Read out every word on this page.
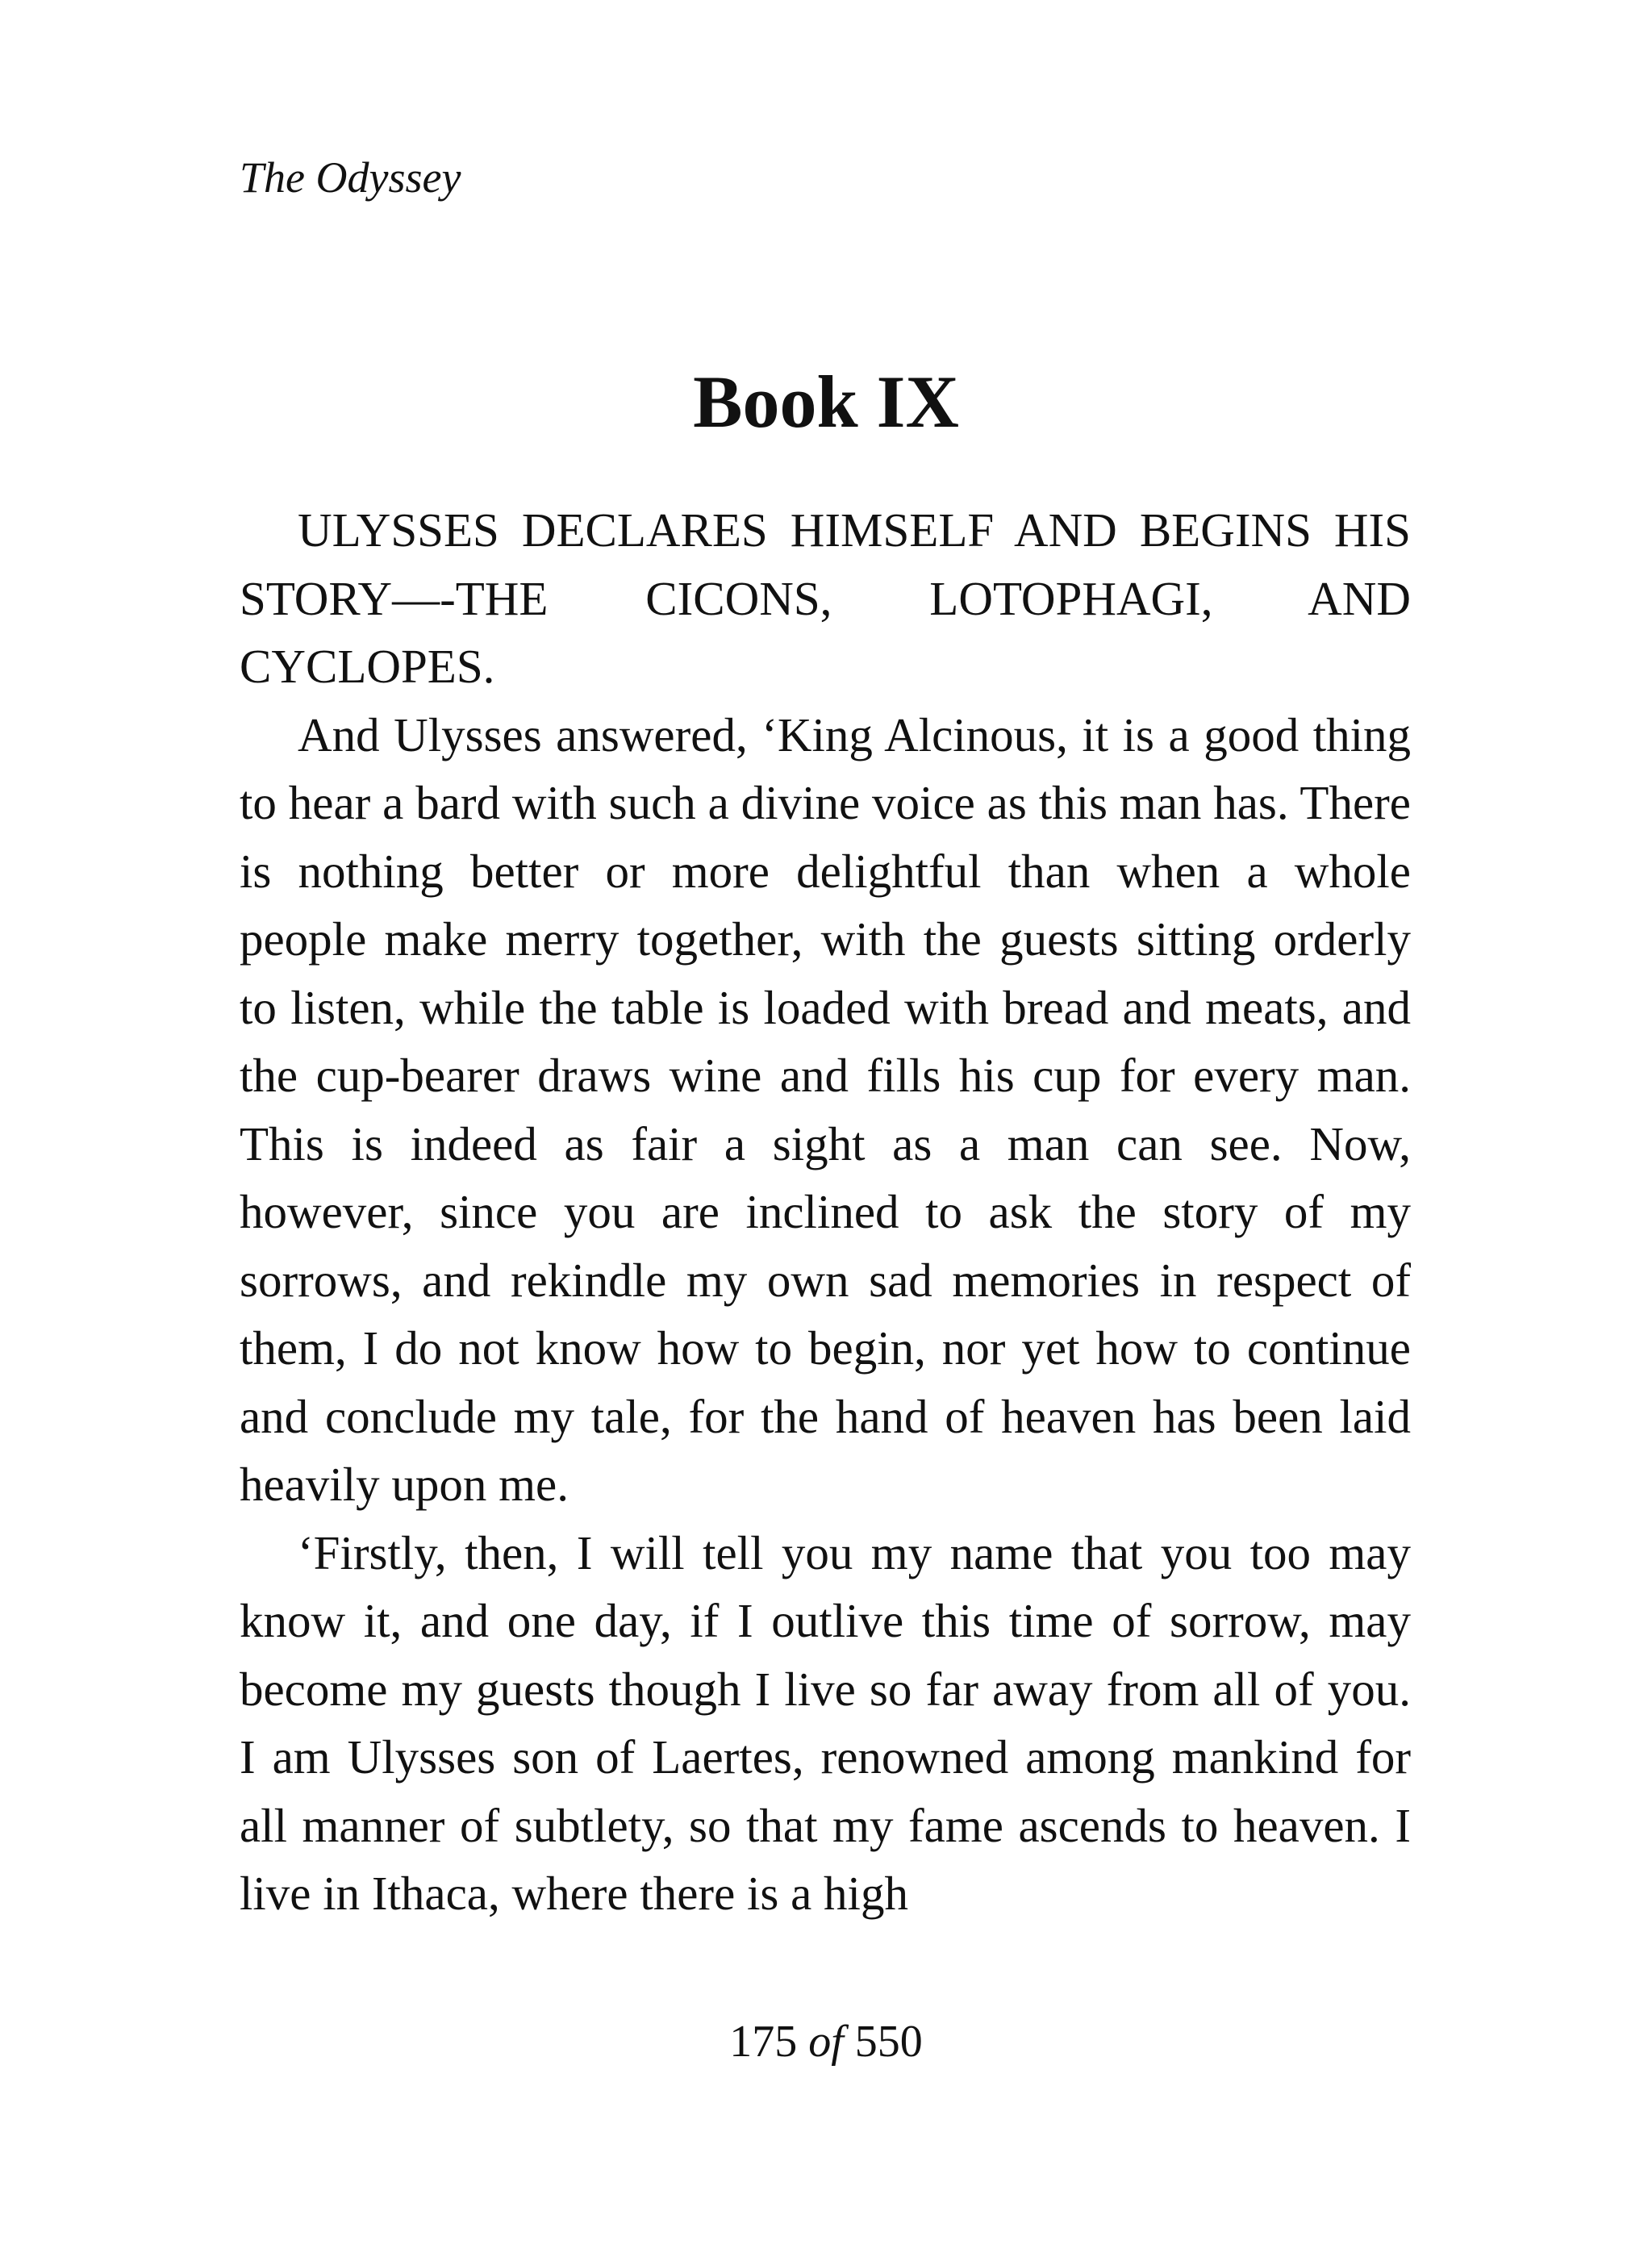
The Odyssey
Book IX

ULYSSES DECLARES HIMSELF AND BEGINS HIS STORY—-THE CICONS, LOTOPHAGI, AND CYCLOPES.

And Ulysses answered, ‘King Alcinous, it is a good thing to hear a bard with such a divine voice as this man has. There is nothing better or more delightful than when a whole people make merry together, with the guests sitting orderly to listen, while the table is loaded with bread and meats, and the cup-bearer draws wine and fills his cup for every man. This is indeed as fair a sight as a man can see. Now, however, since you are inclined to ask the story of my sorrows, and rekindle my own sad memories in respect of them, I do not know how to begin, nor yet how to continue and conclude my tale, for the hand of heaven has been laid heavily upon me.

‘Firstly, then, I will tell you my name that you too may know it, and one day, if I outlive this time of sorrow, may become my guests though I live so far away from all of you. I am Ulysses son of Laertes, renowned among mankind for all manner of subtlety, so that my fame ascends to heaven. I live in Ithaca, where there is a high

175 of 550
